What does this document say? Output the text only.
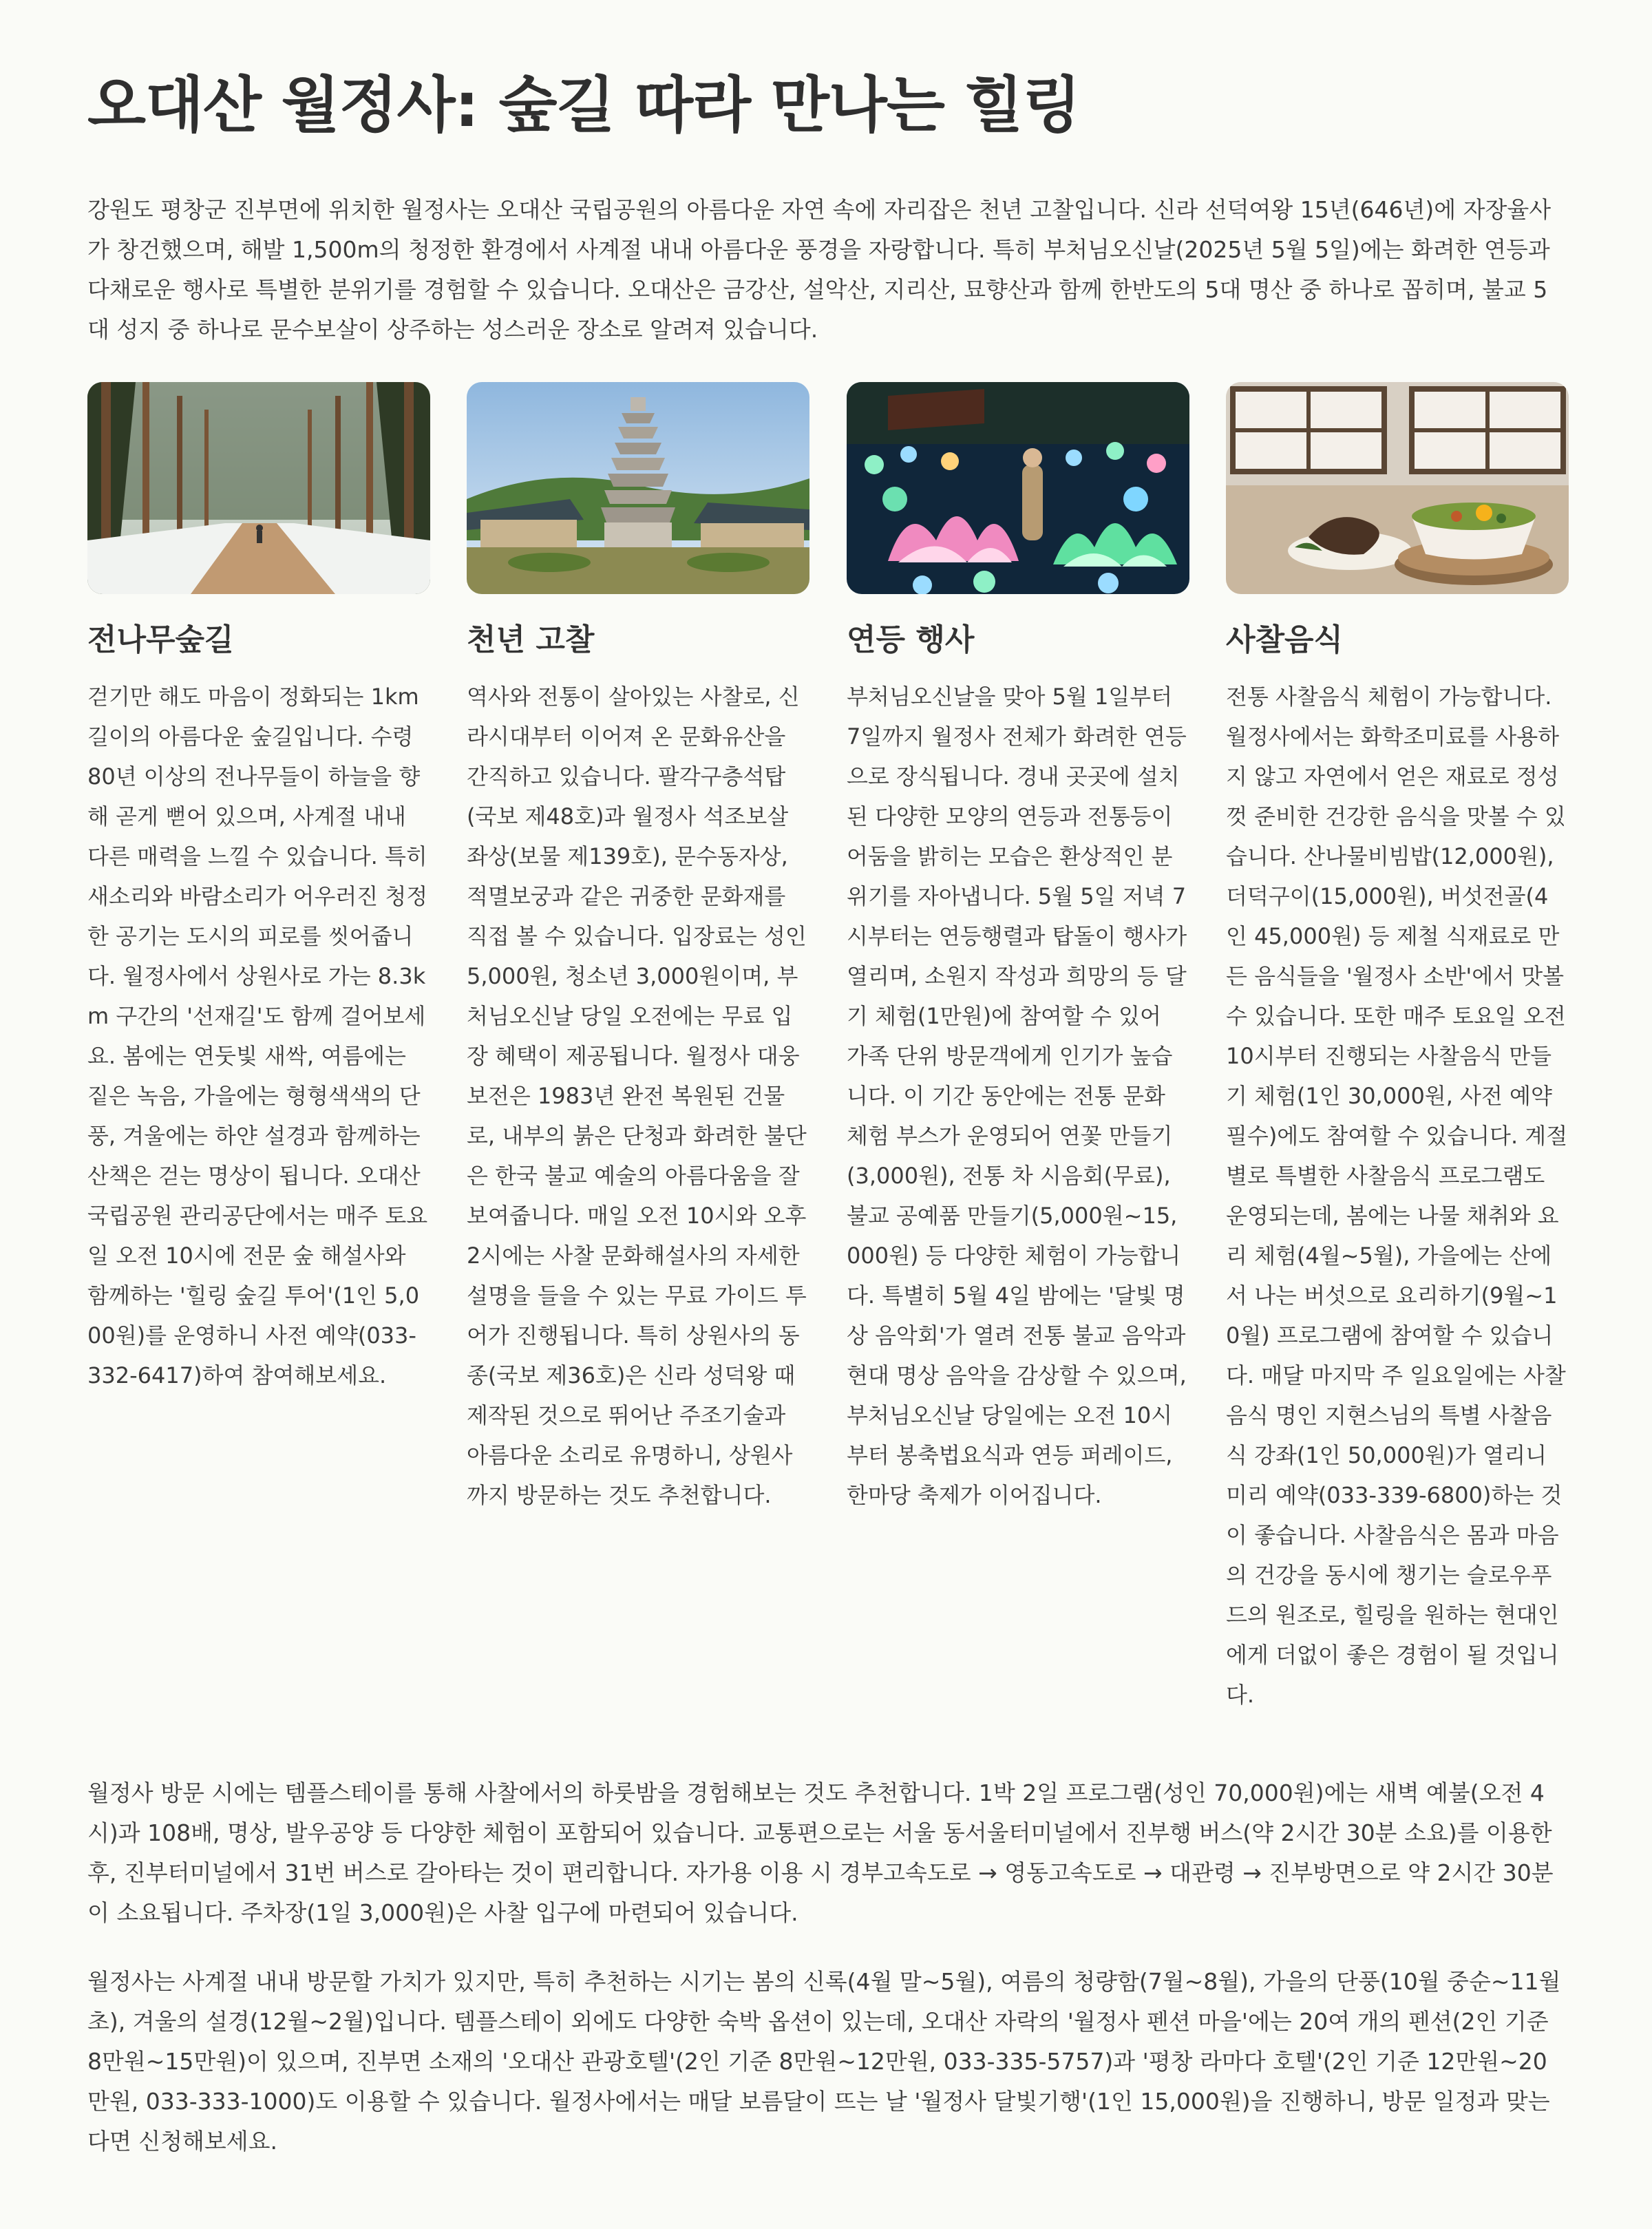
오대산 월정사: 숲길 따라 만나는 힐링

강원도 평창군 진부면에 위치한 월정사는 오대산 국립공원의 아름다운 자연 속에 자리잡은 천년 고찰입니다. 신라 선덕여왕 15년(646년)에 자장율사가 창건했으며, 해발 1,500m의 청정한 환경에서 사계절 내내 아름다운 풍경을 자랑합니다. 특히 부처님오신날(2025년 5월 5일)에는 화려한 연등과 다채로운 행사로 특별한 분위기를 경험할 수 있습니다. 오대산은 금강산, 설악산, 지리산, 묘향산과 함께 한반도의 5대 명산 중 하나로 꼽히며, 불교 5대 성지 중 하나로 문수보살이 상주하는 성스러운 장소로 알려져 있습니다.

전나무숲길

걷기만 해도 마음이 정화되는 1km 길이의 아름다운 숲길입니다. 수령 80년 이상의 전나무들이 하늘을 향해 곧게 뻗어 있으며, 사계절 내내 다른 매력을 느낄 수 있습니다. 특히 새소리와 바람소리가 어우러진 청정한 공기는 도시의 피로를 씻어줍니다. 월정사에서 상원사로 가는 8.3km 구간의 '선재길'도 함께 걸어보세요. 봄에는 연둣빛 새싹, 여름에는 짙은 녹음, 가을에는 형형색색의 단풍, 겨울에는 하얀 설경과 함께하는 산책은 걷는 명상이 됩니다. 오대산 국립공원 관리공단에서는 매주 토요일 오전 10시에 전문 숲 해설사와 함께하는 '힐링 숲길 투어'(1인 5,000원)를 운영하니 사전 예약(033-332-6417)하여 참여해보세요.

천년 고찰

역사와 전통이 살아있는 사찰로, 신라시대부터 이어져 온 문화유산을 간직하고 있습니다. 팔각구층석탑(국보 제48호)과 월정사 석조보살좌상(보물 제139호), 문수동자상, 적멸보궁과 같은 귀중한 문화재를 직접 볼 수 있습니다. 입장료는 성인 5,000원, 청소년 3,000원이며, 부처님오신날 당일 오전에는 무료 입장 혜택이 제공됩니다. 월정사 대웅보전은 1983년 완전 복원된 건물로, 내부의 붉은 단청과 화려한 불단은 한국 불교 예술의 아름다움을 잘 보여줍니다. 매일 오전 10시와 오후 2시에는 사찰 문화해설사의 자세한 설명을 들을 수 있는 무료 가이드 투어가 진행됩니다. 특히 상원사의 동종(국보 제36호)은 신라 성덕왕 때 제작된 것으로 뛰어난 주조기술과 아름다운 소리로 유명하니, 상원사까지 방문하는 것도 추천합니다.

연등 행사

부처님오신날을 맞아 5월 1일부터 7일까지 월정사 전체가 화려한 연등으로 장식됩니다. 경내 곳곳에 설치된 다양한 모양의 연등과 전통등이 어둠을 밝히는 모습은 환상적인 분위기를 자아냅니다. 5월 5일 저녁 7시부터는 연등행렬과 탑돌이 행사가 열리며, 소원지 작성과 희망의 등 달기 체험(1만원)에 참여할 수 있어 가족 단위 방문객에게 인기가 높습니다. 이 기간 동안에는 전통 문화 체험 부스가 운영되어 연꽃 만들기(3,000원), 전통 차 시음회(무료), 불교 공예품 만들기(5,000원~15,000원) 등 다양한 체험이 가능합니다. 특별히 5월 4일 밤에는 '달빛 명상 음악회'가 열려 전통 불교 음악과 현대 명상 음악을 감상할 수 있으며, 부처님오신날 당일에는 오전 10시부터 봉축법요식과 연등 퍼레이드, 한마당 축제가 이어집니다.

사찰음식

전통 사찰음식 체험이 가능합니다. 월정사에서는 화학조미료를 사용하지 않고 자연에서 얻은 재료로 정성껏 준비한 건강한 음식을 맛볼 수 있습니다. 산나물비빔밥(12,000원), 더덕구이(15,000원), 버섯전골(4인 45,000원) 등 제철 식재료로 만든 음식들을 '월정사 소반'에서 맛볼 수 있습니다. 또한 매주 토요일 오전 10시부터 진행되는 사찰음식 만들기 체험(1인 30,000원, 사전 예약 필수)에도 참여할 수 있습니다. 계절별로 특별한 사찰음식 프로그램도 운영되는데, 봄에는 나물 채취와 요리 체험(4월~5월), 가을에는 산에서 나는 버섯으로 요리하기(9월~10월) 프로그램에 참여할 수 있습니다. 매달 마지막 주 일요일에는 사찰음식 명인 지현스님의 특별 사찰음식 강좌(1인 50,000원)가 열리니 미리 예약(033-339-6800)하는 것이 좋습니다. 사찰음식은 몸과 마음의 건강을 동시에 챙기는 슬로우푸드의 원조로, 힐링을 원하는 현대인에게 더없이 좋은 경험이 될 것입니다.

월정사 방문 시에는 템플스테이를 통해 사찰에서의 하룻밤을 경험해보는 것도 추천합니다. 1박 2일 프로그램(성인 70,000원)에는 새벽 예불(오전 4시)과 108배, 명상, 발우공양 등 다양한 체험이 포함되어 있습니다. 교통편으로는 서울 동서울터미널에서 진부행 버스(약 2시간 30분 소요)를 이용한 후, 진부터미널에서 31번 버스로 갈아타는 것이 편리합니다. 자가용 이용 시 경부고속도로 → 영동고속도로 → 대관령 → 진부방면으로 약 2시간 30분이 소요됩니다. 주차장(1일 3,000원)은 사찰 입구에 마련되어 있습니다.

월정사는 사계절 내내 방문할 가치가 있지만, 특히 추천하는 시기는 봄의 신록(4월 말~5월), 여름의 청량함(7월~8월), 가을의 단풍(10월 중순~11월 초), 겨울의 설경(12월~2월)입니다. 템플스테이 외에도 다양한 숙박 옵션이 있는데, 오대산 자락의 '월정사 펜션 마을'에는 20여 개의 펜션(2인 기준 8만원~15만원)이 있으며, 진부면 소재의 '오대산 관광호텔'(2인 기준 8만원~12만원, 033-335-5757)과 '평창 라마다 호텔'(2인 기준 12만원~20만원, 033-333-1000)도 이용할 수 있습니다. 월정사에서는 매달 보름달이 뜨는 날 '월정사 달빛기행'(1인 15,000원)을 진행하니, 방문 일정과 맞는다면 신청해보세요.
